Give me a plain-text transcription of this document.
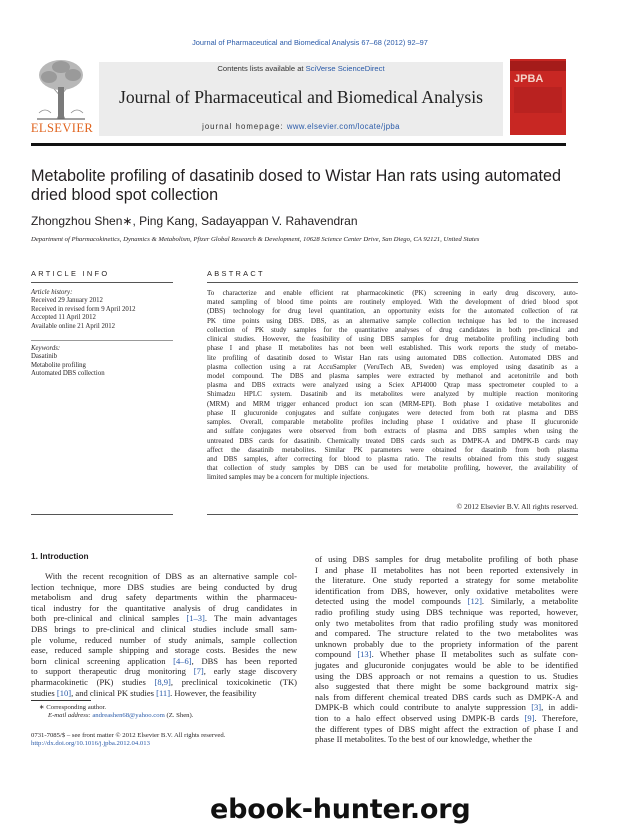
Journal of Pharmaceutical and Biomedical Analysis 67–68 (2012) 92–97
ELSEVIER
Contents lists available at SciVerse ScienceDirect
Journal of Pharmaceutical and Biomedical Analysis
journal homepage: www.elsevier.com/locate/jpba
JPBA
Metabolite profiling of dasatinib dosed to Wistar Han rats using automated dried blood spot collection
Zhongzhou Shen∗, Ping Kang, Sadayappan V. Rahavendran
Department of Pharmacokinetics, Dynamics & Metabolism, Pfizer Global Research & Development, 10628 Science Center Drive, San Diego, CA 92121, United States
ARTICLE INFO
Article history:
Received 29 January 2012
Received in revised form 9 April 2012
Accepted 11 April 2012
Available online 21 April 2012
Keywords:
Dasatinib
Metabolite profiling
Automated DBS collection
ABSTRACT
To characterize and enable efficient rat pharmacokinetic (PK) screening in early drug discovery, auto-
mated sampling of blood time points are routinely employed. With the development of dried blood spot
(DBS) technology for drug level quantitation, an opportunity exists for the automated collection of rat
PK time points using DBS. DBS, as an alternative sample collection technique has led to the increased
collection of PK study samples for the quantitative analyses of drug candidates in both pre-clinical and
clinical studies. However, the feasibility of using DBS samples for drug metabolite profiling including both
phase I and phase II metabolites has not been well established. This work reports the study of metabo-
lite profiling of dasatinib dosed to Wistar Han rats using automated DBS collection. Automated DBS and
plasma collection using a rat AccuSampler (VeruTech AB, Sweden) was employed using dasatinib as a
model compound. The DBS and plasma samples were extracted by methanol and acetonitrile and both
plasma and DBS extracts were analyzed using a Sciex API4000 Qtrap mass spectrometer coupled to a
Shimadzu HPLC system. Dasatinib and its metabolites were analyzed by multiple reaction monitoring
(MRM) and MRM trigger enhanced product ion scan (MRM-EPI). Both phase I oxidative metabolites and
phase II glucuronide conjugates and sulfate conjugates were detected from both rat plasma and DBS
samples. Overall, comparable metabolite profiles including phase I oxidative and phase II glucuronide
and sulfate conjugates were observed from both extracts of plasma and DBS samples when using the
untreated DBS cards for dasatinib. Chemically treated DBS cards such as DMPK-A and DMPK-B cards may
affect the dasatinib metabolites. Similar PK parameters were obtained for dasatinib from both plasma
and DBS samples, after correcting for blood to plasma ratio. The results obtained from this study suggest
that collection of study samples by DBS can be used for metabolite profiling, however, the availability of
limited samples may be a concern for multiple injections.
© 2012 Elsevier B.V. All rights reserved.
1. Introduction
With the recent recognition of DBS as an alternative sample col-
lection technique, more DBS studies are being conducted by drug
metabolism and drug safety departments within the pharmaceu-
tical industry for the quantitative analysis of drug candidates in
both pre-clinical and clinical samples [1–3]. The main advantages
DBS brings to pre-clinical and clinical studies include small sam-
ple volume, reduced number of study animals, sample collection
ease, reduced sample shipping and storage costs. Besides the new
born clinical screening application [4–6], DBS has been reported
to support therapeutic drug monitoring [7], early stage discovery
pharmacokinetic (PK) studies [8,9], preclinical toxicokinetic (TK)
studies [10], and clinical PK studies [11]. However, the feasibility
of using DBS samples for drug metabolite profiling of both phase
I and phase II metabolites has not been reported extensively in
the literature. One study reported a strategy for some metabolite
identification from DBS, however, only oxidative metabolites were
detected using the model compounds [12]. Similarly, a metabolite
radio profiling study using DBS technique was reported, however,
only two metabolites from that radio profiling study was monitored
and compared. The structure related to the two metabolites was
unknown probably due to the propriety information of the parent
compound [13]. Whether phase II metabolites such as sulfate con-
jugates and glucuronide conjugates would be able to be identified
using the DBS approach or not remains a question to us. Studies
also suggested that there might be some background matrix sig-
nals from different chemical treated DBS cards such as DMPK-A and
DMPK-B which could contribute to analyte suppression [3], in addi-
tion to a halo effect observed using DMPK-B cards [9]. Therefore,
the different types of DBS might affect the extraction of phase I and
phase II metabolites. To the best of our knowledge, whether the
∗ Corresponding author.
E-mail address: andreashen68@yahoo.com (Z. Shen).
0731-7085/$ – see front matter © 2012 Elsevier B.V. All rights reserved.
http://dx.doi.org/10.1016/j.jpba.2012.04.013
ebook-hunter.org
